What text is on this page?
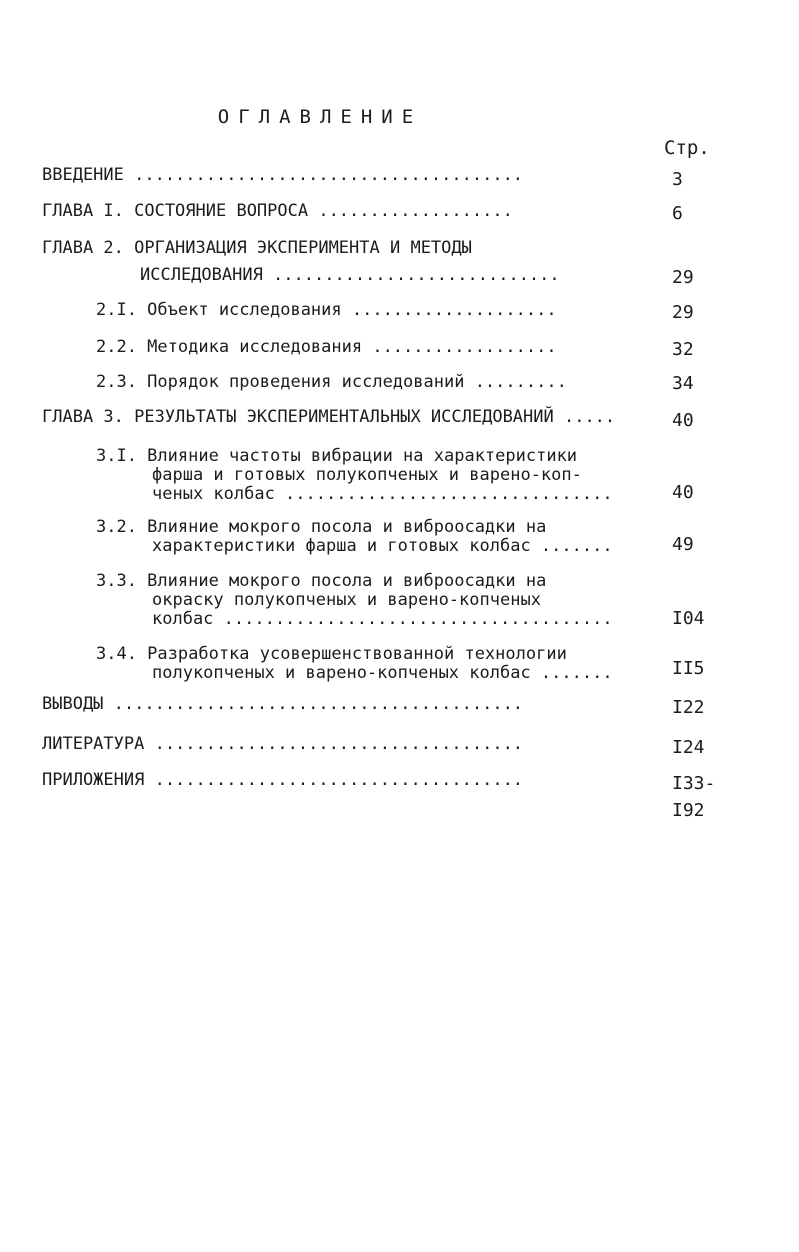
ОГЛАВЛЕНИЕ
Стр.
ВВЕДЕНИЕ ......................................	3
ГЛАВА I. СОСТОЯНИЕ ВОПРОСА ...................	6
ГЛАВА 2. ОРГАНИЗАЦИЯ ЭКСПЕРИМЕНТА И МЕТОДЫ
ИССЛЕДОВАНИЯ ............................	29
2.I. Объект исследования ....................	29
2.2. Методика исследования ..................	32
2.3. Порядок проведения исследований .........	34
ГЛАВА 3. РЕЗУЛЬТАТЫ ЭКСПЕРИМЕНТАЛЬНЫХ ИССЛЕДОВАНИЙ .....	40
3.I. Влияние частоты вибрации на характеристики
фарша и готовых полукопченых и варено-коп-
ченых колбас ................................	40
3.2. Влияние мокрого посола и виброосадки на
характеристики фарша и готовых колбас .......	49
3.3. Влияние мокрого посола и виброосадки на
окраску полукопченых и варено-копченых
колбас ......................................	I04
3.4. Разработка усовершенствованной технологии
полукопченых и варено-копченых колбас .......	II5
ВЫВОДЫ ........................................	I22
ЛИТЕРАТУРА ....................................	I24
ПРИЛОЖЕНИЯ ....................................	I33-
I92
